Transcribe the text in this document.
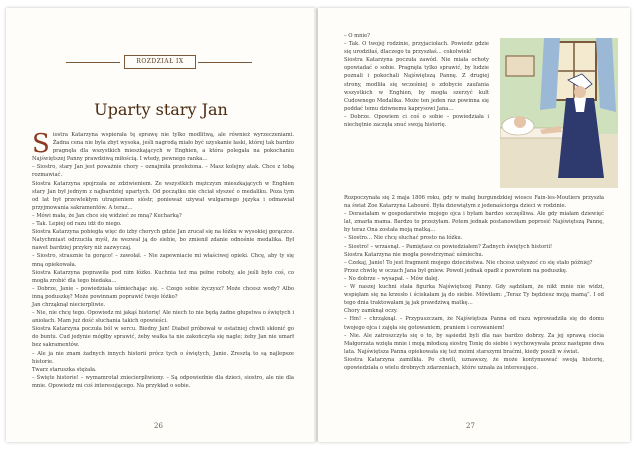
ROZDZIAŁ IX
Uparty stary Jan

Siostra Katarzyna wspierała tę sprawę nie tylko modlitwą, ale również wyrzeczeniami. Żadna cena nie była zbyt wysoka, jeśli nagrodą miało być uzyskanie łaski, której tak bardzo pragnęła dla wszystkich mieszkających w Enghien, a która polegała na pokochaniu Najświętszej Panny prawdziwą miłością. I wtedy, pewnego ranka…

– Siostro, stary Jan jest poważnie chory – oznajmiła przełożona. – Masz kolejny atak. Chce z tobą rozmawiać.

Siostra Katarzyna spojrzała ze zdziwieniem. Ze wszystkich mężczyzn mieszkających w Enghien stary Jan był jednym z najbardziej upartych. Od początku nie chciał słyszeć o medaliku. Poza tym od lat był przewlekłym utrapieniem sióstr, ponieważ używał wulgarnego języka i odmawiał przyjmowania sakramentów. A teraz…

– Mówi mała, że Jan chce się widzieć ze mną? Kucharką?

– Tak. Lepiej od razu idź do niego.

Siostra Katarzyna pobiegła więc do izby chorych gdzie Jan zrucał się na łóżku w wysokiej gorączce. Natychmiast odrzuciła myśl, że wezwał ją do siebie, bo zmienił zdanie odnośnie medalika. Był nawet bardziej przykry niż zazwyczaj.

– Siostro, strasznie tu gorąco! – zawołał. – Nie zapewniacie mi właściwej opieki. Chcę, aby ty się mną opiekowała.

Siostra Katarzyna poprawiła pod nim łóżko. Kuchnia też ma pełne roboty, ale jeśli było coś, co mogła zrobić dla tego biedaka…

– Dobrze, Janie – powiedziała uśmiechając się. – Czego sobie życzysz? Może chcesz wody? Albo inną poduszkę? Może powinnam poprawić twoje łóżko?

Jan chrząknął niecierpliwie.

– Nie, nie chcę tego. Opowiedz mi jakąś historię! Ale niech to nie będą żadne głupstwa o świętych i aniołach. Mam już dość słuchania takich opowieści.

Siostra Katarzyna poczuła ból w sercu. Biedny Jan! Diabeł próbował w ostatniej chwili skłonić go do buntu. Cud jedynie mógłby sprawić, żeby walka ta nie zakończyła się nagle; żeby Jan nie umarł bez sakramentów.

– Ale ja nie znam żadnych innych historii prócz tych o świętych, Janie. Zresztą to są najlepsze historie.

Twarz staruszka stężała.

– Święte historie! – wymamrotał zniecierpliwiony. – Są odpowiednie dla dzieci, siostro, ale nie dla mnie. Opowiedz mi coś interesującego. Na przykład o sobie.

26

– O mnie?

– Tak. O twojej rodzinie, przyjaciołach. Powiedz gdzie się urodziłaś, dlaczego tu przyszłaś… cokolwiek!

Siostra Katarzyna poczuła zawód. Nie miała ochoty opowiadać o sobie. Pragnęła tylko sprawić, by ludzie poznali i pokochali Najświętszą Pannę. Z drugiej strony, modliła się wcześniej o zdobycie zaufania wszystkich w Enghien, by mogła szerzyć kult Cudownego Medalika. Może ten jeden raz powinna się poddać temu dziwnemu kaprysowi Jana…

– Dobrze. Opowiem ci coś o sobie – powiedziała i niechętnie zaczęła snuć swoją historię.

Rozpoczynała się 2 maja 1806 roku, gdy w małej burgundzkiej wiosce Fain-les-Moutiers przyszła na świat Zoe Katarzyna Labouré. Była dziewiątym z jedenaściorga dzieci w rodzinie.

– Dorastałam w gospodarstwie mojego ojca i byłam bardzo szczęśliwa. Ale gdy miałam dziewięć lat, zmarła mama. Bardzo to przeżyłam. Potem jednak postanowiłam poprosić Najświętszą Pannę, by teraz Ona została moją matką…

– Siostro… Nie chcę słuchać prosto na łóżku.

– Siostro! – wrzasnął. – Pamiętasz co powiedziałem? Żadnych świętych historii!

Siostra Katarzyna nie mogła powstrzymać uśmiechu.

– Czekaj, Janie! To jest fragment mojego dzieciństwa. Nie chcesz usłyszeć co się stało później?

Przez chwilę w oczach Jana był gniew. Powoli jednak opadł z powrotem na poduszkę.

– No dobrze – wysapał. – Mów dalej.

– W naszej kuchni stała figurka Najświętszej Panny. Gdy sądziłam, że nikt mnie nie widzi, wspięłam się na krzesło i ściskałam ją do siebie. Mówiłam: „Teraz Ty będziesz moją mamą”. I od tego dnia traktowałam ją jak prawdziwą matkę…

Chory zamknął oczy.

– Hm! – chrząknął. – Przypuszczam, że Najświętsza Panna od razu wprowadziła się do domu twojego ojca i zajęła się gotowaniem, praniem i cerowaniem!

– Nie. Ale zatroszczyła się o to, by sąsiedzi byli dla nas bardzo dobrzy. Za jej sprawą ciocia Małgorzata wzięła mnie i moją młodszą siostrę Tonię do siebie i wychowywała przez następne dwa lata. Najświętsza Panna opiekowała się też moimi starszymi braćmi, kiedy poszli w świat.

Siostra Katarzyna zamilkła. Po chwili, uznawszy, że może kontynuować swoją historię, opowiedziała o wielu drobnych zdarzeniach, które uznała za interesujące.

27
